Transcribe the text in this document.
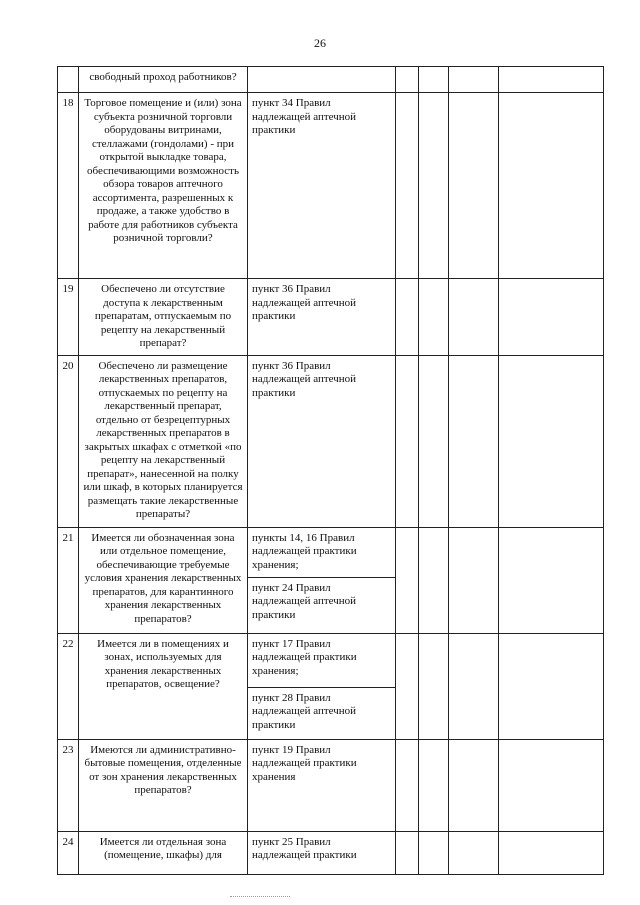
26
	свободный проход работников?					
18	Торговое помещение и (или) зона субъекта розничной торговли оборудованы витринами, стеллажами (гондолами) - при открытой выкладке товара, обеспечивающими возможность обзора товаров аптечного ассортимента, разрешенных к продаже, а также удобство в работе для работников субъекта розничной торговли?	пункт 34 Правил надлежащей аптечной практики				
19	Обеспечено ли отсутствие доступа к лекарственным препаратам, отпускаемым по рецепту на лекарственный препарат?	пункт 36 Правил надлежащей аптечной практики				
20	Обеспечено ли размещение лекарственных препаратов, отпускаемых по рецепту на лекарственный препарат, отдельно от безрецептурных лекарственных препаратов в закрытых шкафах с отметкой «по рецепту на лекарственный препарат», нанесенной на полку или шкаф, в которых планируется размещать такие лекарственные препараты?	пункт 36 Правил надлежащей аптечной практики				
21	Имеется ли обозначенная зона или отдельное помещение, обеспечивающие требуемые условия хранения лекарственных препаратов, для карантинного хранения лекарственных препаратов?	пункты 14, 16 Правил надлежащей практики хранения;				
		пункт 24 Правил надлежащей аптечной практики				
22	Имеется ли в помещениях и зонах, используемых для хранения лекарственных препаратов, освещение?	пункт 17 Правил надлежащей практики хранения;				
		пункт 28 Правил надлежащей аптечной практики				
23	Имеются ли административно-бытовые помещения, отделенные от зон хранения лекарственных препаратов?	пункт 19 Правил надлежащей практики хранения				
24	Имеется ли отдельная зона (помещение, шкафы) для	пункт 25 Правил надлежащей практики				
